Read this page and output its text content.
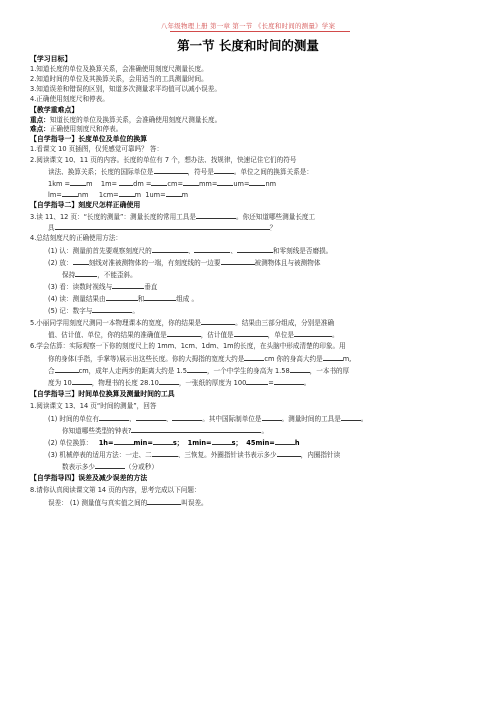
八年级物理上册 第一章 第一节 《长度和时间的测量》学案
第一节 长度和时间的测量
【学习目标】
1.知道长度的单位及换算关系，会准确使用刻度尺测量长度。
2.知道时间的单位及其换算关系，会用适当的工具测量时间。
3.知道误差和错误的区别，知道多次测量求平均值可以减小误差。
4.正确使用刻度尺和停表。
【教学重难点】
重点：知道长度的单位及换算关系，会准确使用刻度尺测量长度。
难点：正确使用刻度尺和停表。
【自学指导一】长度单位及单位的换算
1.看课文 10 页插图，仅凭感觉可靠吗？ 答：
2.阅读课文 10、11 页的内容。长度的单位有 7 个，想办法、找规律，快速记住它们的符号
读法、换算关系；长度的国际单位是	，符号是	。单位之间的换算关系是：
1km = m 1m= dm = cm= mm= um= nm
lm= nm 1cm= m 1um= m
【自学指导二】刻度尺怎样正确使用
3.读 11、12 页：“长度的测量”：测量长度的常用工具是	。你还知道哪些测量长度工
具	？
4.总结刻度尺的正确使用方法：
(1) 认：测量前首先要观察刻度尺的	、	、	和零刻线是否磨损。
(2) 放： 刻线对准被测物体的一端，有刻度线的一边要	被测物体且与被测物体
保持	，不能歪斜。
(3) 看：读数时视线与	垂直
(4) 读：测量结果由	和	组成 。
(5) 记：数字与	。
5.小丽同学用刻度尺测同一本物理课本的宽度，你的结果是	。结果由三部分组成，分别是准确
值、估计值、单位，你的结果的准确值是	，估计值是	，单位是	。
6.学会估算：实际观察一下你的刻度尺上的 1mm、1cm、1dm、1m的长度，在头脑中形成清楚的印象。用
你的身体(手指，手掌等)展示出这些长度。你的大拇指的宽度大约是	cm 你的身高大约是	m,
合	cm，成年人走两步的距离大约是 1.5	，一个中学生的身高为 1.58	，一本书的厚
度为 10	，物理书的长度 28.10	，一张纸的厚度为 100	=	。
【自学指导三】时间单位换算及测量时间的工具
1.阅读课文 13、14 页“时间的测量”，回答
(1) 时间的单位有	、	、	。其中国际制单位是	。测量时间的工具是	。
你知道哪些类型的钟表?	。
(2) 单位换算： 1h=	min=	s； 1min=	s； 45min=	h
(3) 机械停表的适用方法：一走、二	、三恢复。外圈指针读书表示多少	，内圈指针读
数表示多少	（分或秒）
【自学指导四】误差及减少误差的方法
8.请你认真阅读课文第 14 页的内容，思考完成以下问题：
误差： (1) 测量值与真实值之间的	叫误差。
